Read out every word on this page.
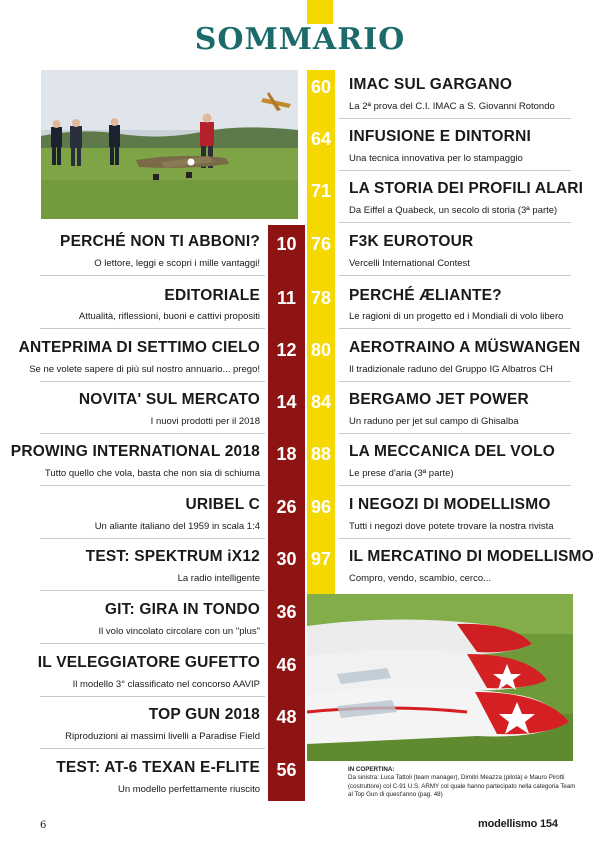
SOMMARIO
PERCHÉ NON TI ABBONI?
O lettore, leggi e scopri i mille vantaggi!
10
EDITORIALE
Attualità, riflessioni, buoni e cattivi propositi
11
ANTEPRIMA DI SETTIMO CIELO
Se ne volete sapere di più sul nostro annuario... prego!
12
NOVITA' SUL MERCATO
I nuovi prodotti per il 2018
14
PROWING INTERNATIONAL 2018
Tutto quello che vola, basta che non sia di schiuma
18
URIBEL C
Un aliante italiano del 1959 in scala 1:4
26
TEST: SPEKTRUM iX12
La radio intelligente
30
GIT: GIRA IN TONDO
Il volo vincolato circolare con un "plus"
36
IL VELEGGIATORE GUFETTO
Il modello 3° classificato nel concorso AAVIP
46
TOP GUN 2018
Riproduzioni ai massimi livelli a Paradise Field
48
TEST: AT-6 TEXAN E-FLITE
Un modello perfettamente riuscito
56
60 IMAC SUL GARGANO
La 2ª prova del C.I. IMAC a S. Giovanni Rotondo
64 INFUSIONE E DINTORNI
Una tecnica innovativa per lo stampaggio
71 LA STORIA DEI PROFILI ALARI
Da Eiffel a Quabeck, un secolo di storia (3ª parte)
76 F3K EUROTOUR
Vercelli International Contest
78 PERCHÉ ÆLIANTE?
Le ragioni di un progetto ed i Mondiali di volo libero
80 AEROTRAINO A MÜSWANGEN
Il tradizionale raduno del Gruppo IG Albatros CH
84 BERGAMO JET POWER
Un raduno per jet sul campo di Ghisalba
88 LA MECCANICA DEL VOLO
Le prese d'aria (3ª parte)
96 I NEGOZI DI MODELLISMO
Tutti i negozi dove potete trovare la nostra rivista
97 IL MERCATINO DI MODELLISMO
Compro, vendo, scambio, cerco...
IN COPERTINA:
Da sinistra: Luca Tattoli (team manager), Dimitri Meazza (pilota) e Mauro Pirotti (costruttore) col C-91 U.S. ARMY col quale hanno partecipato nella categoria Team al Top Gun di quest'anno (pag. 48)
6	modellismo 154
